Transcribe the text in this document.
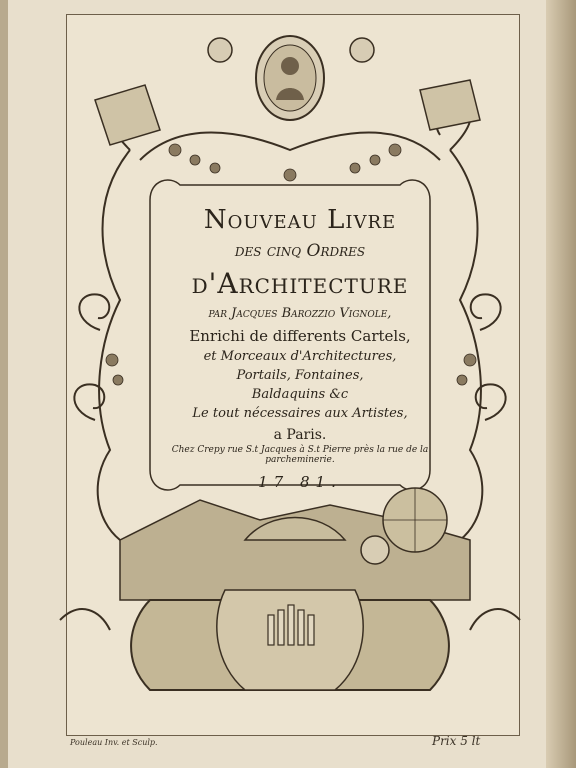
Nouveau Livre
des cinq Ordres
d'Architecture
par Jacques Barozzio Vignole,
Enrichi de differents Cartels,
et Morceaux d'Architectures,
Portails, Fontaines,
Baldaquins &c
Le tout nécessaires aux Artistes,
a Paris.
Chez Crepy rue S.t Jacques à S.t Pierre près la rue de la parcheminerie.
17 81.
Pouleau Inv. et Sculp.	Prix 5 lt
